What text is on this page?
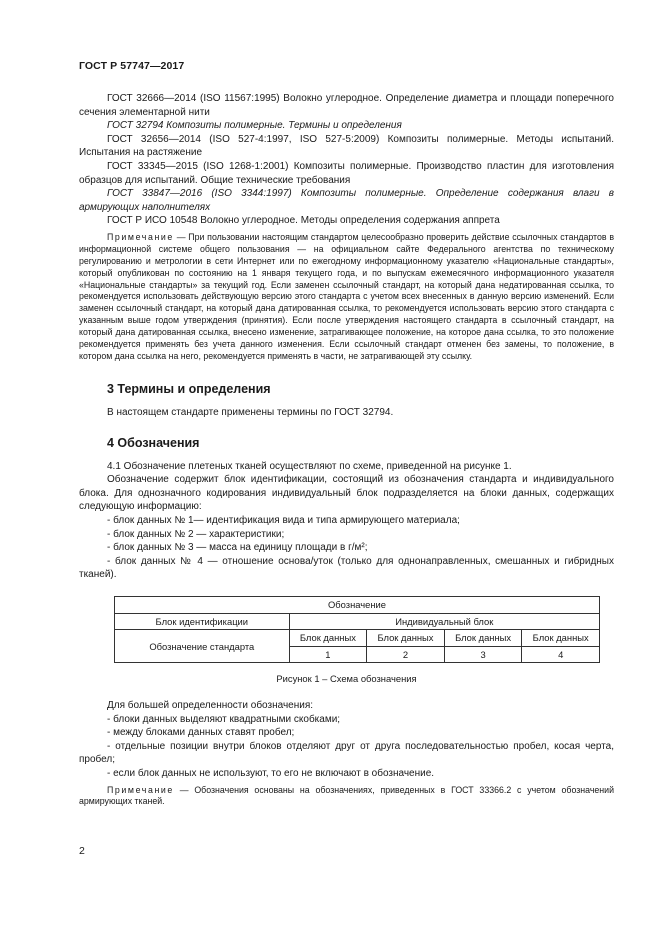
ГОСТ Р 57747—2017

ГОСТ 32666—2014 (ISO 11567:1995) Волокно углеродное. Определение диаметра и площади поперечного сечения элементарной нити

ГОСТ 32794 Композиты полимерные. Термины и определения

ГОСТ 32656—2014 (ISO 527-4:1997, ISO 527-5:2009) Композиты полимерные. Методы испытаний. Испытания на растяжение

ГОСТ 33345—2015 (ISO 1268-1:2001) Композиты полимерные. Производство пластин для изготовления образцов для испытаний. Общие технические требования

ГОСТ 33847—2016 (ISO 3344:1997) Композиты полимерные. Определение содержания влаги в армирующих наполнителях

ГОСТ Р ИСО 10548 Волокно углеродное. Методы определения содержания аппрета

Примечание — При пользовании настоящим стандартом целесообразно проверить действие ссылочных стандартов в информационной системе общего пользования — на официальном сайте Федерального агентства по техническому регулированию и метрологии в сети Интернет или по ежегодному информационному указателю «Национальные стандарты», который опубликован по состоянию на 1 января текущего года, и по выпускам ежемесячного информационного указателя «Национальные стандарты» за текущий год. Если заменен ссылочный стандарт, на который дана недатированная ссылка, то рекомендуется использовать действующую версию этого стандарта с учетом всех внесенных в данную версию изменений. Если заменен ссылочный стандарт, на который дана датированная ссылка, то рекомендуется использовать версию этого стандарта с указанным выше годом утверждения (принятия). Если после утверждения настоящего стандарта в ссылочный стандарт, на который дана датированная ссылка, внесено изменение, затрагивающее положение, на которое дана ссылка, то это положение рекомендуется применять без учета данного изменения. Если ссылочный стандарт отменен без замены, то положение, в котором дана ссылка на него, рекомендуется применять в части, не затрагивающей эту ссылку.

3 Термины и определения

В настоящем стандарте применены термины по ГОСТ 32794.

4 Обозначения

4.1 Обозначение плетеных тканей осуществляют по схеме, приведенной на рисунке 1.

Обозначение содержит блок идентификации, состоящий из обозначения стандарта и индивидуального блока. Для однозначного кодирования индивидуальный блок подразделяется на блоки данных, содержащих следующую информацию:

- блок данных № 1— идентификация вида и типа армирующего материала;

- блок данных № 2 — характеристики;

- блок данных № 3 — масса на единицу площади в г/м²;

- блок данных № 4 — отношение основа/уток (только для однонаправленных, смешанных и гибридных тканей).

Обозначение				
Блок идентификации	Индивидуальный блок			
Обозначение стандарта	Блок данных	Блок данных	Блок данных	Блок данных
	1	2	3	4
Рисунок 1 – Схема обозначения

Для большей определенности обозначения:

- блоки данных выделяют квадратными скобками;

- между блоками данных ставят пробел;

- отдельные позиции внутри блоков отделяют друг от друга последовательностью пробел, косая черта, пробел;

- если блок данных не используют, то его не включают в обозначение.

Примечание — Обозначения основаны на обозначениях, приведенных в ГОСТ 33366.2 с учетом обозначений армирующих тканей.

2
